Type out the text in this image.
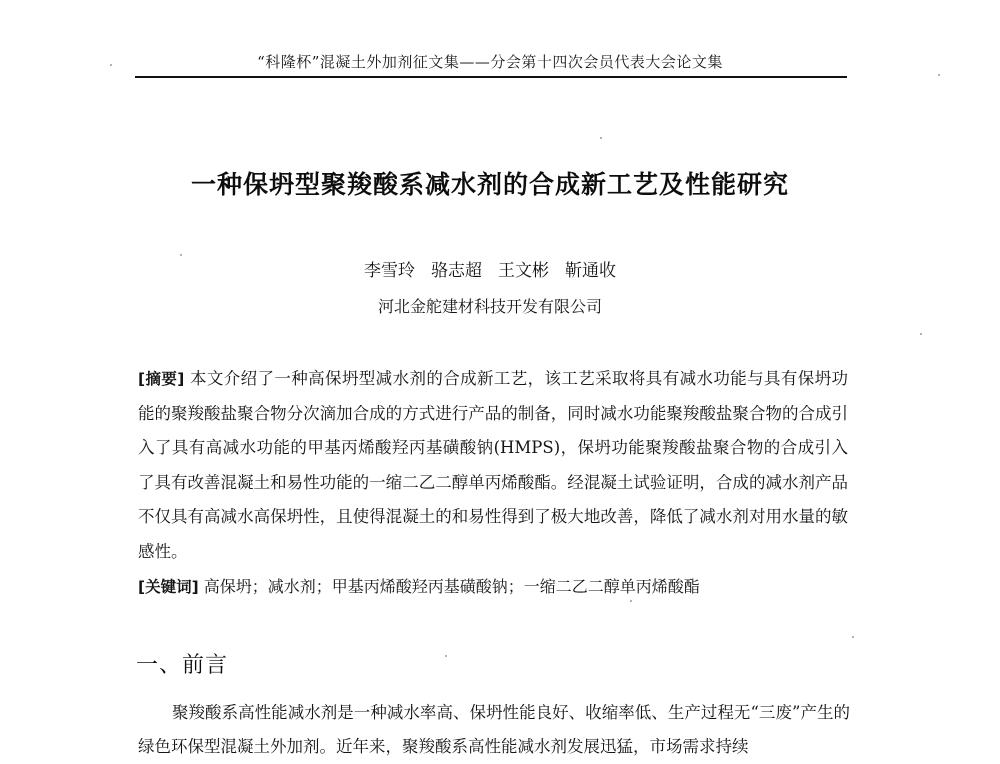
“科隆杯”混凝土外加剂征文集——分会第十四次会员代表大会论文集
一种保坍型聚羧酸系减水剂的合成新工艺及性能研究
李雪玲 骆志超 王文彬 靳通收
河北金舵建材科技开发有限公司
[摘要] 本文介绍了一种高保坍型减水剂的合成新工艺，该工艺采取将具有减水功能与具有保坍功能的聚羧酸盐聚合物分次滴加合成的方式进行产品的制备，同时减水功能聚羧酸盐聚合物的合成引入了具有高减水功能的甲基丙烯酸羟丙基磺酸钠(HMPS)，保坍功能聚羧酸盐聚合物的合成引入了具有改善混凝土和易性功能的一缩二乙二醇单丙烯酸酯。经混凝土试验证明，合成的减水剂产品不仅具有高减水高保坍性，且使得混凝土的和易性得到了极大地改善，降低了减水剂对用水量的敏感性。
[关键词] 高保坍；减水剂；甲基丙烯酸羟丙基磺酸钠；一缩二乙二醇单丙烯酸酯
一、前言
聚羧酸系高性能减水剂是一种减水率高、保坍性能良好、收缩率低、生产过程无“三废”产生的绿色环保型混凝土外加剂。近年来，聚羧酸系高性能减水剂发展迅猛，市场需求持续
